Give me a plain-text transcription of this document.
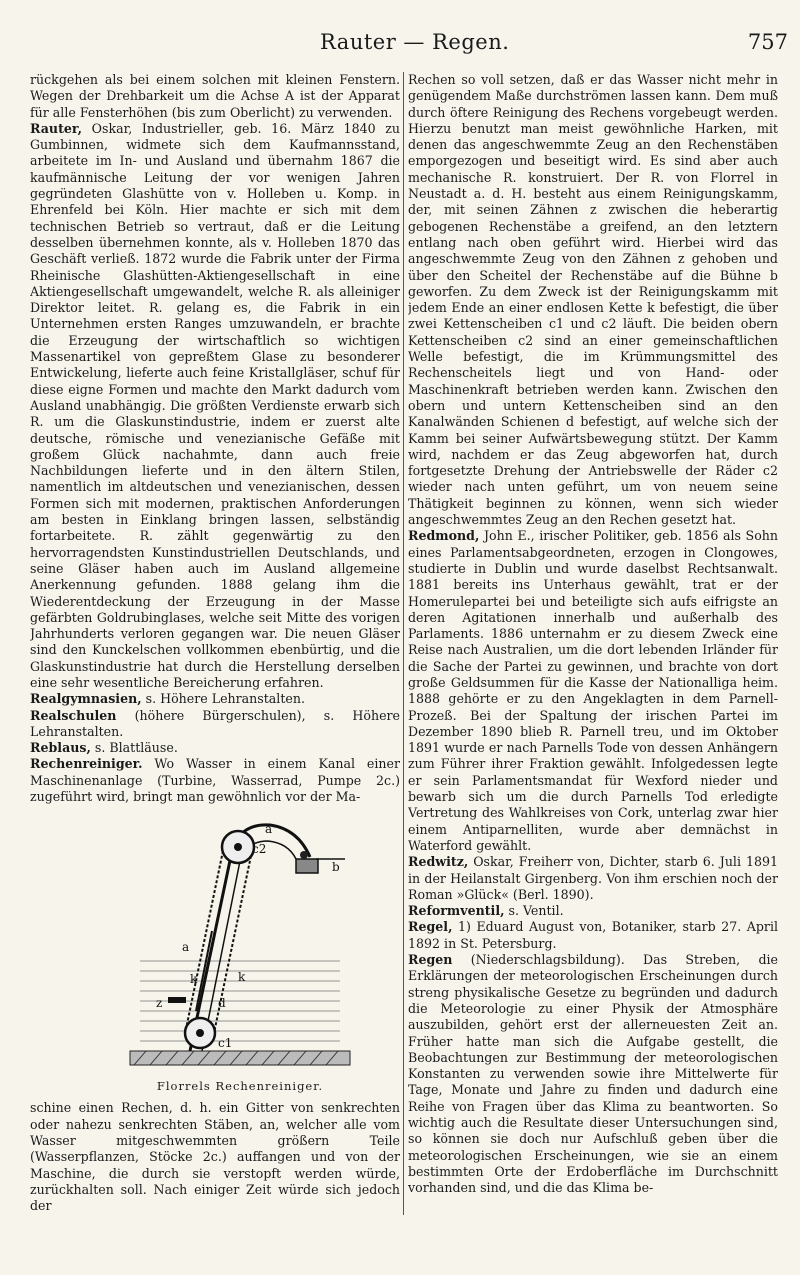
Rauter — Regen.	757

rückgehen als bei einem solchen mit kleinen Fenstern. Wegen der Drehbarkeit um die Achse A ist der Apparat für alle Fensterhöhen (bis zum Oberlicht) zu verwenden.

Rauter, Oskar, Industrieller, geb. 16. März 1840 zu Gumbinnen, widmete sich dem Kaufmannsstand, arbeitete im In- und Ausland und übernahm 1867 die kaufmännische Leitung der vor wenigen Jahren gegründeten Glashütte von v. Holleben u. Komp. in Ehrenfeld bei Köln. Hier machte er sich mit dem technischen Betrieb so vertraut, daß er die Leitung desselben übernehmen konnte, als v. Holleben 1870 das Geschäft verließ. 1872 wurde die Fabrik unter der Firma Rheinische Glashütten-Aktiengesellschaft in eine Aktiengesellschaft umgewandelt, welche R. als alleiniger Direktor leitet. R. gelang es, die Fabrik in ein Unternehmen ersten Ranges umzuwandeln, er brachte die Erzeugung der wirtschaftlich so wichtigen Massenartikel von gepreßtem Glase zu besonderer Entwickelung, lieferte auch feine Kristallgläser, schuf für diese eigne Formen und machte den Markt dadurch vom Ausland unabhängig. Die größten Verdienste erwarb sich R. um die Glaskunstindustrie, indem er zuerst alte deutsche, römische und venezianische Gefäße mit großem Glück nachahmte, dann auch freie Nachbildungen lieferte und in den ältern Stilen, namentlich im altdeutschen und venezianischen, dessen Formen sich mit modernen, praktischen Anforderungen am besten in Einklang bringen lassen, selbständig fortarbeitete. R. zählt gegenwärtig zu den hervorragendsten Kunstindustriellen Deutschlands, und seine Gläser haben auch im Ausland allgemeine Anerkennung gefunden. 1888 gelang ihm die Wiederentdeckung der Erzeugung in der Masse gefärbten Goldrubinglases, welche seit Mitte des vorigen Jahrhunderts verloren gegangen war. Die neuen Gläser sind den Kunckelschen vollkommen ebenbürtig, und die Glaskunstindustrie hat durch die Herstellung derselben eine sehr wesentliche Bereicherung erfahren.

Realgymnasien, s. Höhere Lehranstalten.

Realschulen (höhere Bürgerschulen), s. Höhere Lehranstalten.

Reblaus, s. Blattläuse.

Rechenreiniger. Wo Wasser in einem Kanal einer Maschinenanlage (Turbine, Wasserrad, Pumpe 2c.) zugeführt wird, bringt man gewöhnlich vor der Ma-

a
c2
b
a
k	k
d
z
c1
Florrels Rechenreiniger.

schine einen Rechen, d. h. ein Gitter von senkrechten oder nahezu senkrechten Stäben, an, welcher alle vom Wasser mitgeschwemmten größern Teile (Wasserpflanzen, Stöcke 2c.) auffangen und von der Maschine, die durch sie verstopft werden würde, zurückhalten soll. Nach einiger Zeit würde sich jedoch der

Rechen so voll setzen, daß er das Wasser nicht mehr in genügendem Maße durchströmen lassen kann. Dem muß durch öftere Reinigung des Rechens vorgebeugt werden. Hierzu benutzt man meist gewöhnliche Harken, mit denen das angeschwemmte Zeug an den Rechenstäben emporgezogen und beseitigt wird. Es sind aber auch mechanische R. konstruiert. Der R. von Florrel in Neustadt a. d. H. besteht aus einem Reinigungskamm, der, mit seinen Zähnen z zwischen die heberartig gebogenen Rechenstäbe a greifend, an den letztern entlang nach oben geführt wird. Hierbei wird das angeschwemmte Zeug von den Zähnen z gehoben und über den Scheitel der Rechenstäbe auf die Bühne b geworfen. Zu dem Zweck ist der Reinigungskamm mit jedem Ende an einer endlosen Kette k befestigt, die über zwei Kettenscheiben c1 und c2 läuft. Die beiden obern Kettenscheiben c2 sind an einer gemeinschaftlichen Welle befestigt, die im Krümmungsmittel des Rechenscheitels liegt und von Hand- oder Maschinenkraft betrieben werden kann. Zwischen den obern und untern Kettenscheiben sind an den Kanalwänden Schienen d befestigt, auf welche sich der Kamm bei seiner Aufwärtsbewegung stützt. Der Kamm wird, nachdem er das Zeug abgeworfen hat, durch fortgesetzte Drehung der Antriebswelle der Räder c2 wieder nach unten geführt, um von neuem seine Thätigkeit beginnen zu können, wenn sich wieder angeschwemmtes Zeug an den Rechen gesetzt hat.

Redmond, John E., irischer Politiker, geb. 1856 als Sohn eines Parlamentsabgeordneten, erzogen in Clongowes, studierte in Dublin und wurde daselbst Rechtsanwalt. 1881 bereits ins Unterhaus gewählt, trat er der Homerulepartei bei und beteiligte sich aufs eifrigste an deren Agitationen innerhalb und außerhalb des Parlaments. 1886 unternahm er zu diesem Zweck eine Reise nach Australien, um die dort lebenden Irländer für die Sache der Partei zu gewinnen, und brachte von dort große Geldsummen für die Kasse der Nationalliga heim. 1888 gehörte er zu den Angeklagten in dem Parnell-Prozeß. Bei der Spaltung der irischen Partei im Dezember 1890 blieb R. Parnell treu, und im Oktober 1891 wurde er nach Parnells Tode von dessen Anhängern zum Führer ihrer Fraktion gewählt. Infolgedessen legte er sein Parlamentsmandat für Wexford nieder und bewarb sich um die durch Parnells Tod erledigte Vertretung des Wahlkreises von Cork, unterlag zwar hier einem Antiparnelliten, wurde aber demnächst in Waterford gewählt.

Redwitz, Oskar, Freiherr von, Dichter, starb 6. Juli 1891 in der Heilanstalt Girgenberg. Von ihm erschien noch der Roman »Glück« (Berl. 1890).

Reformventil, s. Ventil.

Regel, 1) Eduard August von, Botaniker, starb 27. April 1892 in St. Petersburg.

Regen (Niederschlagsbildung). Das Streben, die Erklärungen der meteorologischen Erscheinungen durch streng physikalische Gesetze zu begründen und dadurch die Meteorologie zu einer Physik der Atmosphäre auszubilden, gehört erst der allerneuesten Zeit an. Früher hatte man sich die Aufgabe gestellt, die Beobachtungen zur Bestimmung der meteorologischen Konstanten zu verwenden sowie ihre Mittelwerte für Tage, Monate und Jahre zu finden und dadurch eine Reihe von Fragen über das Klima zu beantworten. So wichtig auch die Resultate dieser Untersuchungen sind, so können sie doch nur Aufschluß geben über die meteorologischen Erscheinungen, wie sie an einem bestimmten Orte der Erdoberfläche im Durchschnitt vorhanden sind, und die das Klima be-
